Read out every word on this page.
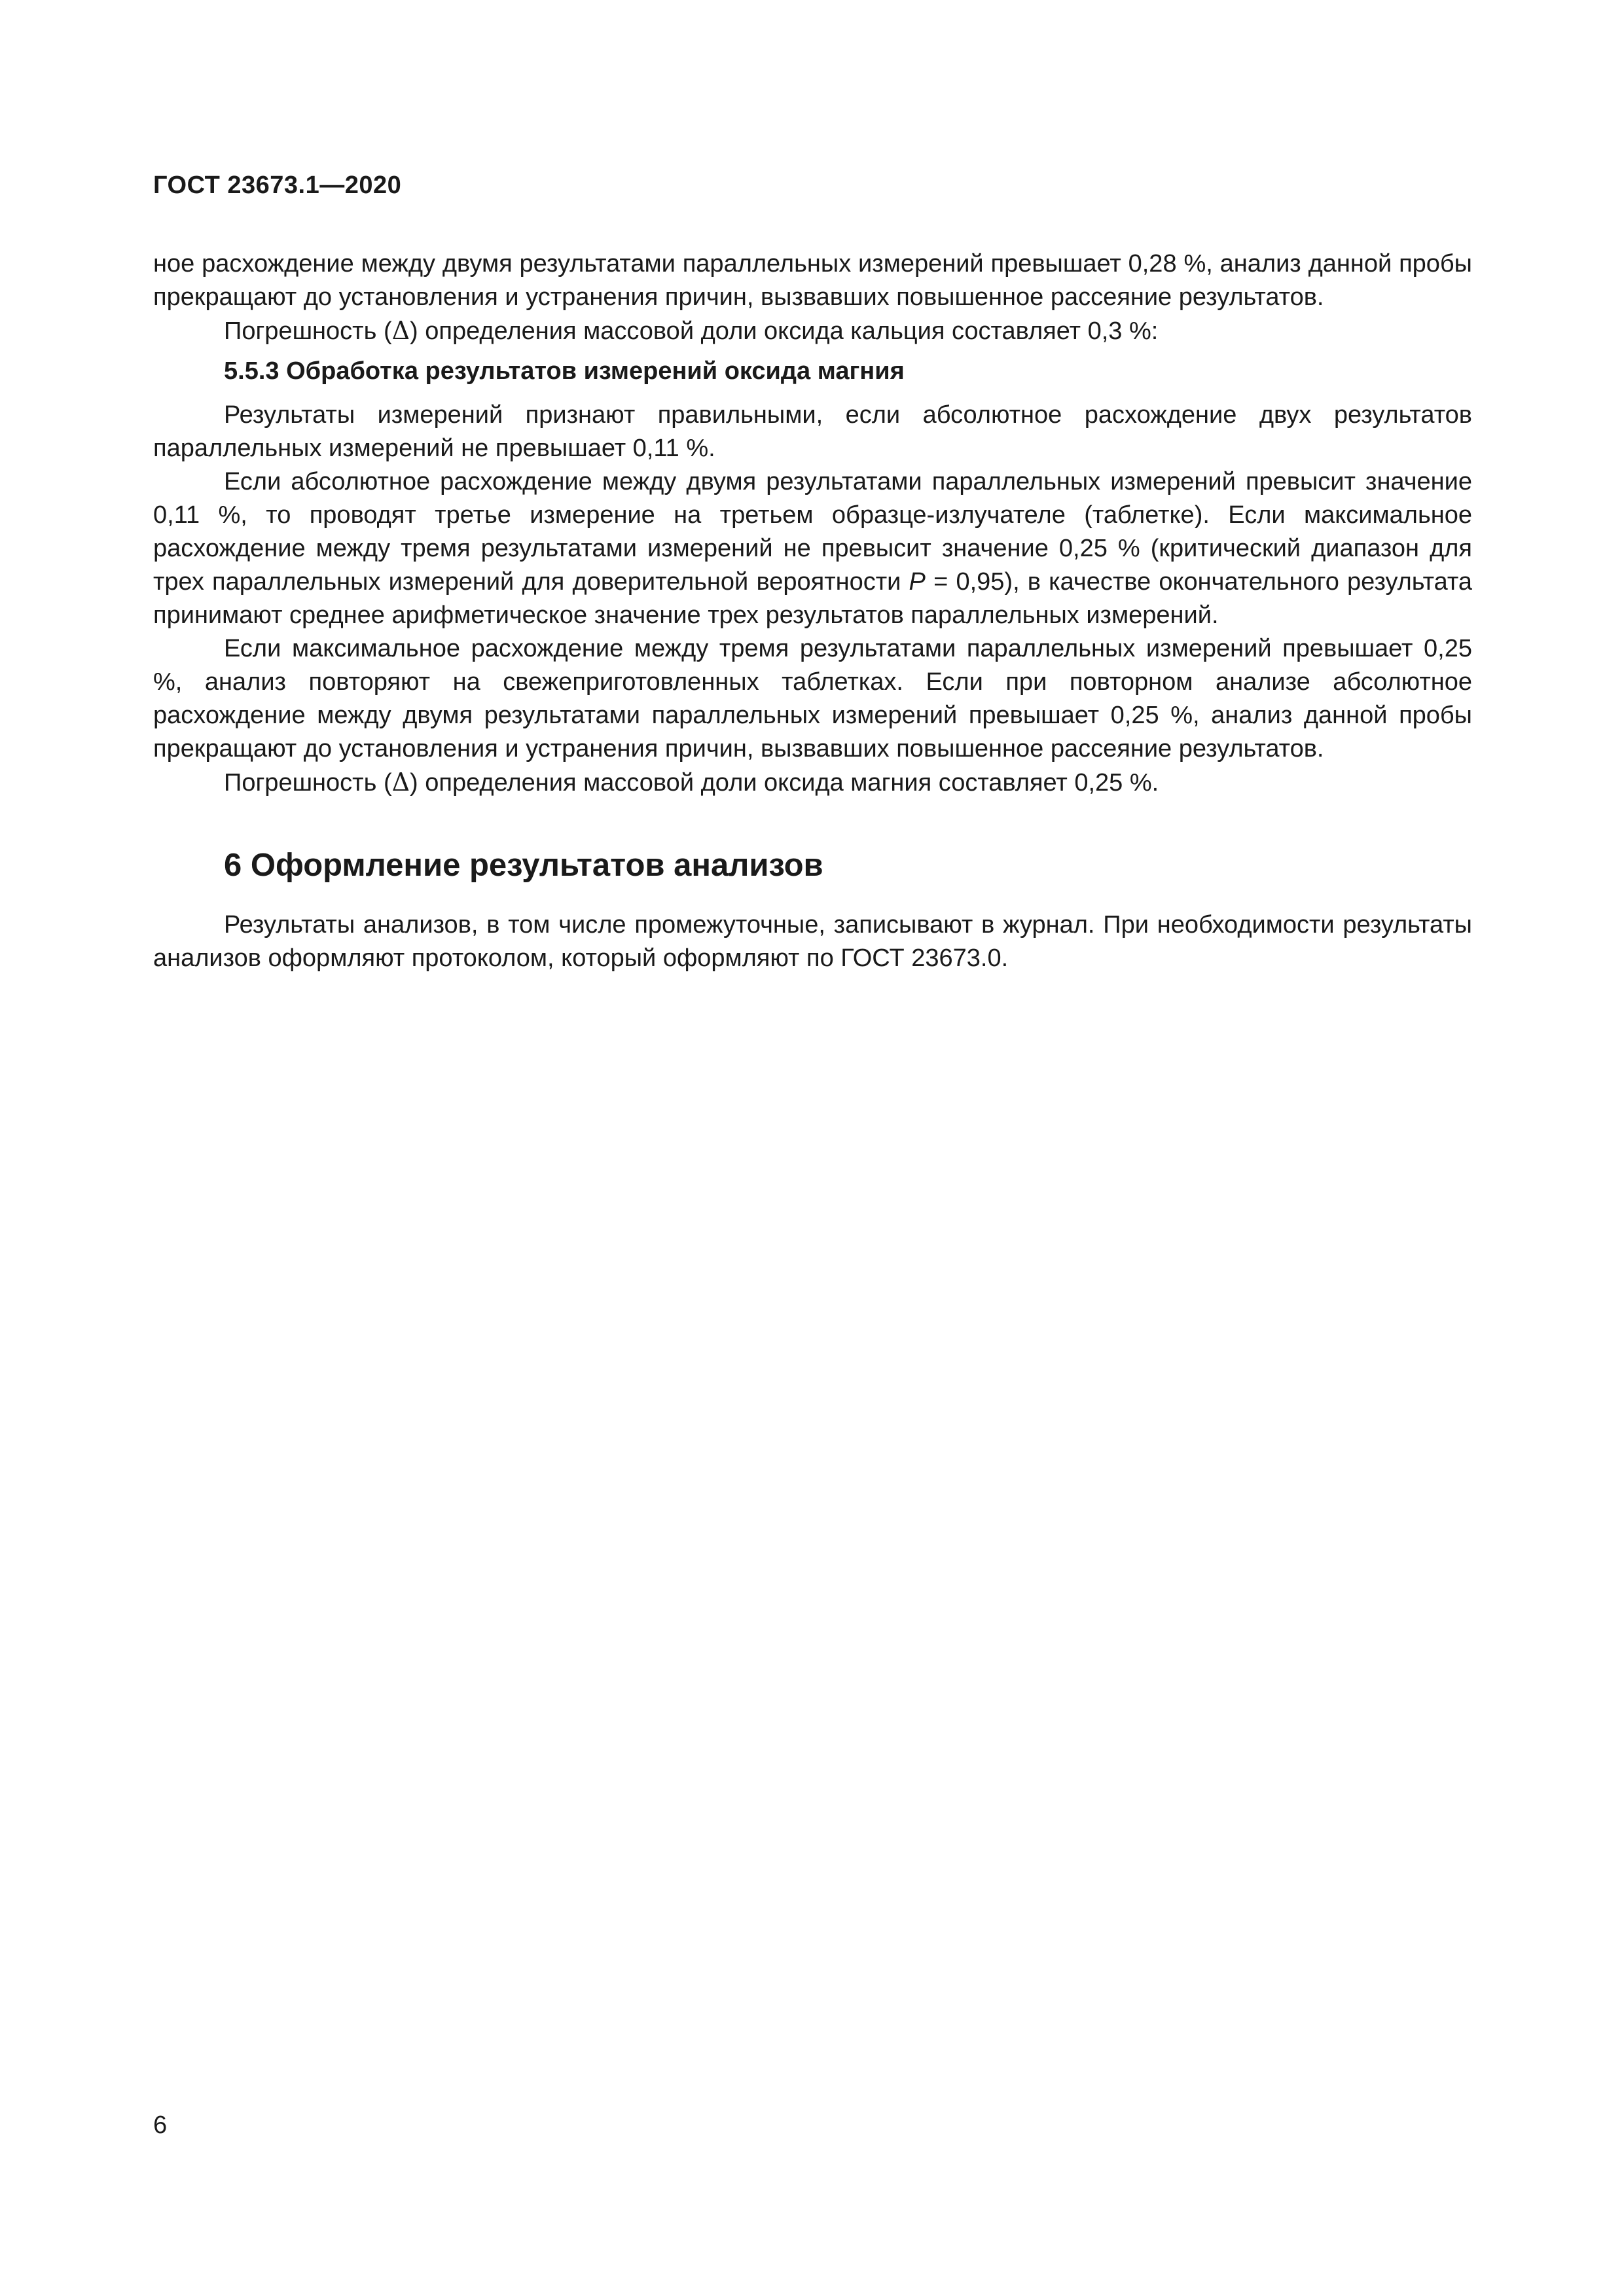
ГОСТ 23673.1—2020

ное расхождение между двумя результатами параллельных измерений превышает 0,28 %, анализ данной пробы прекращают до установления и устранения причин, вызвавших повышенное рассеяние результатов.

Погрешность (Δ) определения массовой доли оксида кальция составляет 0,3 %:

5.5.3 Обработка результатов измерений оксида магния

Результаты измерений признают правильными, если абсолютное расхождение двух результатов параллельных измерений не превышает 0,11 %.

Если абсолютное расхождение между двумя результатами параллельных измерений превысит значение 0,11 %, то проводят третье измерение на третьем образце-излучателе (таблетке). Если максимальное расхождение между тремя результатами измерений не превысит значение 0,25 % (критический диапазон для трех параллельных измерений для доверительной вероятности P = 0,95), в качестве окончательного результата принимают среднее арифметическое значение трех результатов параллельных измерений.

Если максимальное расхождение между тремя результатами параллельных измерений превышает 0,25 %, анализ повторяют на свежеприготовленных таблетках. Если при повторном анализе абсолютное расхождение между двумя результатами параллельных измерений превышает 0,25 %, анализ данной пробы прекращают до установления и устранения причин, вызвавших повышенное рассеяние результатов.

Погрешность (Δ) определения массовой доли оксида магния составляет 0,25 %.

6 Оформление результатов анализов

Результаты анализов, в том числе промежуточные, записывают в журнал. При необходимости результаты анализов оформляют протоколом, который оформляют по ГОСТ 23673.0.

6
